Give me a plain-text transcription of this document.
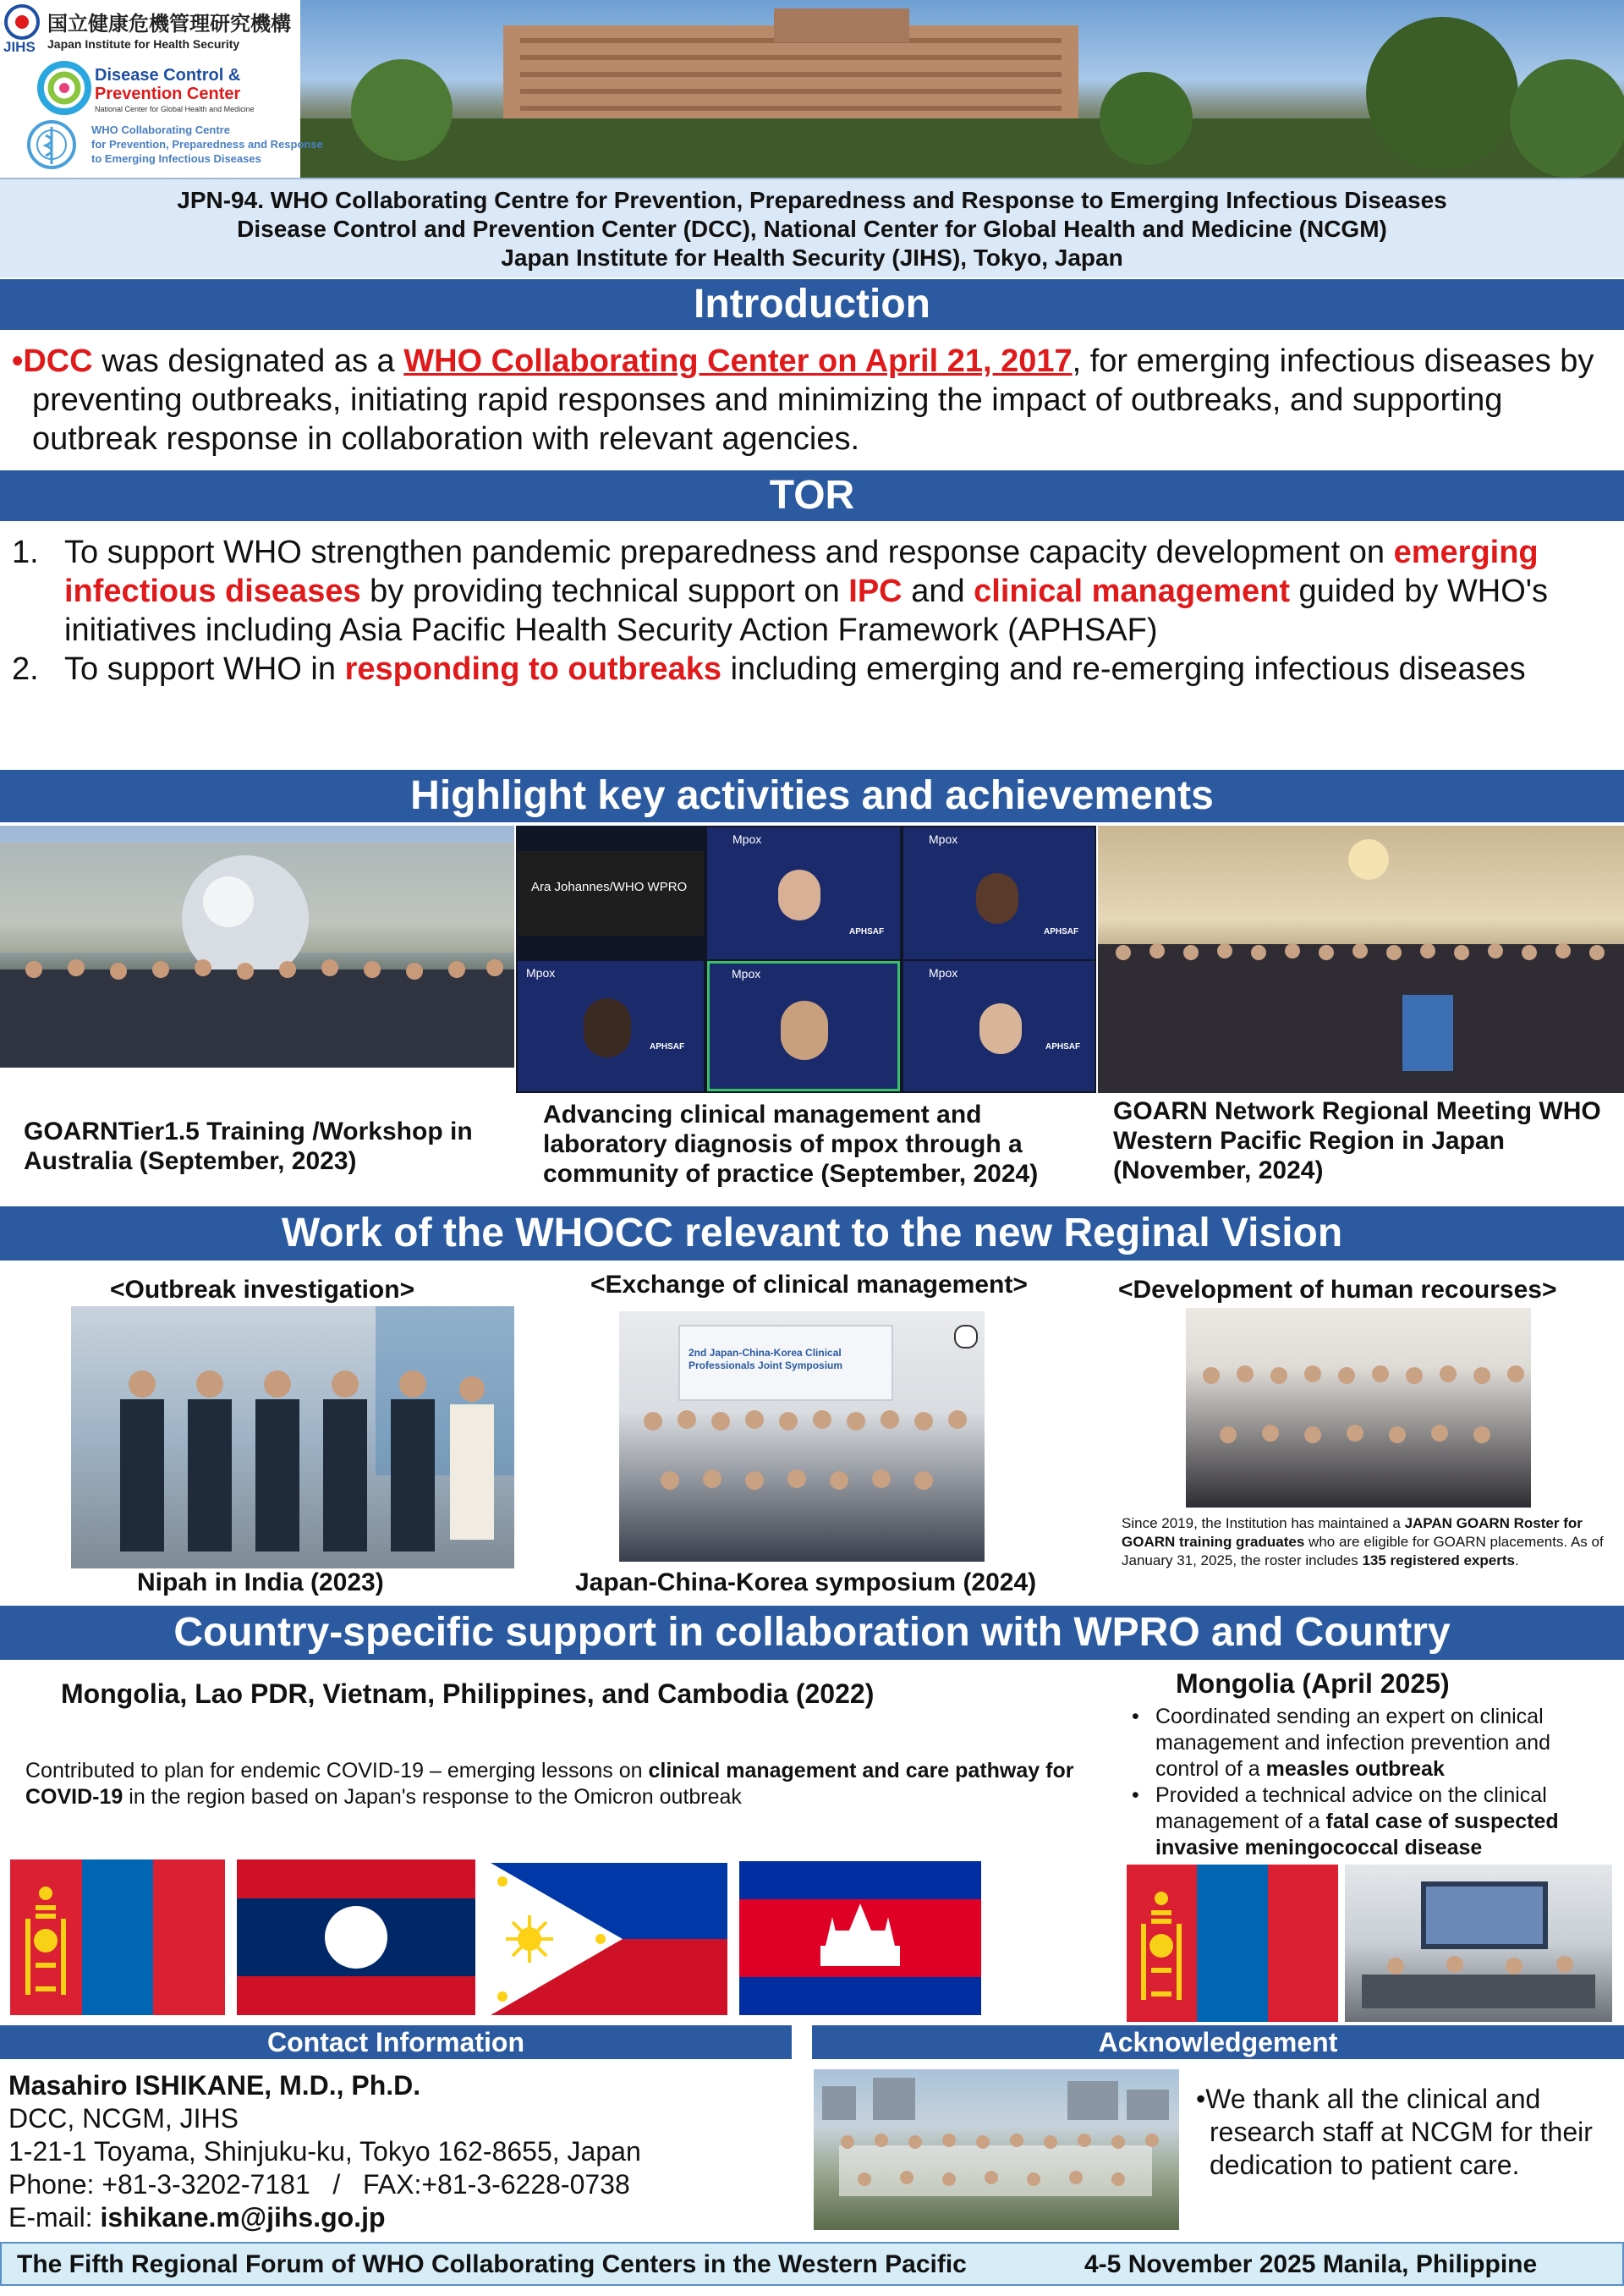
JIHS
国立健康危機管理研究機構
Japan Institute for Health Security
Disease Control &
Prevention Center
National Center for Global Health and Medicine
WHO Collaborating Centre
for Prevention, Preparedness and Response
to Emerging Infectious Diseases
JPN-94. WHO Collaborating Centre for Prevention, Preparedness and Response to Emerging Infectious Diseases
Disease Control and Prevention Center (DCC), National Center for Global Health and Medicine (NCGM)
Japan Institute for Health Security (JIHS), Tokyo, Japan
Introduction
•DCC was designated as a WHO Collaborating Center on April 21, 2017, for emerging infectious diseases by preventing outbreaks, initiating rapid responses and minimizing the impact of outbreaks, and supporting outbreak response in collaboration with relevant agencies.
TOR
1. To support WHO strengthen pandemic preparedness and response capacity development on emerging infectious diseases by providing technical support on IPC and clinical management guided by WHO's initiatives including Asia Pacific Health Security Action Framework (APHSAF)
2. To support WHO in responding to outbreaks including emerging and re-emerging infectious diseases
Highlight key activities and achievements
Ara Johannes/WHO WPRO
Mpox
APHSAF
Mpox
APHSAF
Mpox
APHSAF
Mpox	Mpox
APHSAF
GOARNTier1.5 Training /Workshop in Australia (September, 2023)
Advancing clinical management and laboratory diagnosis of mpox through a community of practice (September, 2024)
GOARN Network Regional Meeting WHO Western Pacific Region in Japan (November, 2024)
Work of the WHOCC relevant to the new Reginal Vision
<Outbreak investigation>
Nipah in India (2023)
<Exchange of clinical management>
2nd Japan-China-Korea Clinical Professionals Joint Symposium
Japan-China-Korea symposium (2024)
<Development of human recourses>
Since 2019, the Institution has maintained a JAPAN GOARN Roster for GOARN training graduates who are eligible for GOARN placements. As of January 31, 2025, the roster includes 135 registered experts.
Country-specific support in collaboration with WPRO and Country
Mongolia, Lao PDR, Vietnam, Philippines, and Cambodia (2022)
Contributed to plan for endemic COVID-19 – emerging lessons on clinical management and care pathway for COVID-19 in the region based on Japan's response to the Omicron outbreak
Mongolia (April 2025)
• Coordinated sending an expert on clinical management and infection prevention and control of a measles outbreak
• Provided a technical advice on the clinical management of a fatal case of suspected invasive meningococcal disease
Contact Information	Acknowledgement
Masahiro ISHIKANE, M.D., Ph.D.
DCC, NCGM, JIHS
1-21-1 Toyama, Shinjuku-ku, Tokyo 162-8655, Japan
Phone: +81-3-3202-7181   /   FAX:+81-3-6228-0738
E-mail: ishikane.m@jihs.go.jp
•We thank all the clinical and research staff at NCGM for their dedication to patient care.
The Fifth Regional Forum of WHO Collaborating Centers in the Western Pacific	4-5 November 2025 Manila, Philippine
